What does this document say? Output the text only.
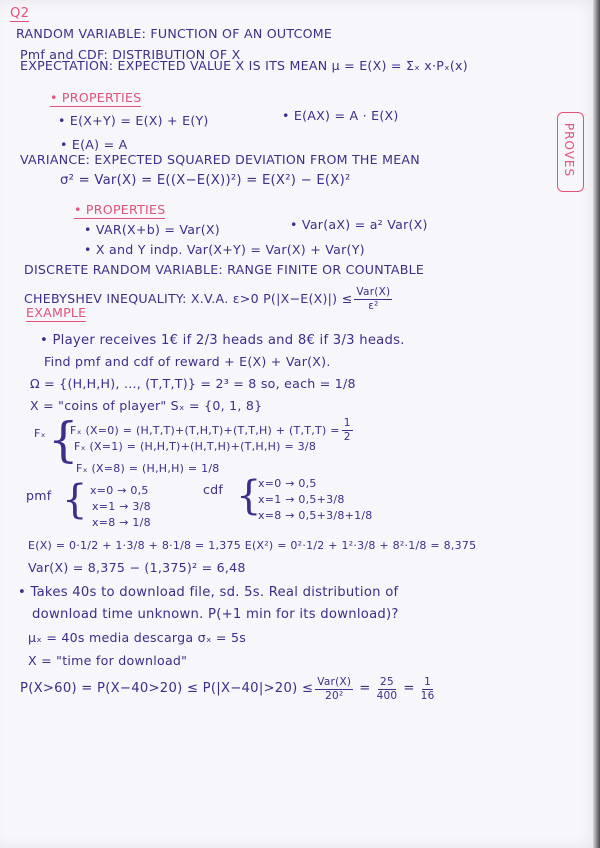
Q2
PROVES
RANDOM VARIABLE: FUNCTION OF AN OUTCOME
Pmf and CDF: DISTRIBUTION OF X
EXPECTATION: EXPECTED VALUE X IS ITS MEAN μ = E(X) = Σₓ x·Pₓ(x)
• PROPERTIES
• E(X+Y) = E(X) + E(Y)	• E(AX) = A · E(X)
• E(A) = A
VARIANCE: EXPECTED SQUARED DEVIATION FROM THE MEAN
σ² = Var(X) = E((X−E(X))²) = E(X²) − E(X)²
• PROPERTIES
• VAR(X+b) = Var(X)	• Var(aX) = a² Var(X)
• X and Y indp. Var(X+Y) = Var(X) + Var(Y)
DISCRETE RANDOM VARIABLE: RANGE FINITE OR COUNTABLE
CHEBYSHEV INEQUALITY: X.V.A. ε>0 $P(|X-E(X)|) \le \frac{\text{Var(X)}}{\text{ε²}}$
EXAMPLE
• Player receives 1€ if 2/3 heads and 8€ if 3/3 heads.
Find pmf and cdf of reward + E(X) + Var(X).
Ω = {(H,H,H), ..., (T,T,T)} = 2³ = 8 so, each = 1/8
X = "coins of player" Sₓ = {0, 1, 8}
{
Fₓ Fₓ $(X=0) = (H,T,T)+(T,H,T)+(T,T,H) + (T,T,T) = \frac{1}{2}$
Fₓ (X=1) = (H,H,T)+(H,T,H)+(T,H,H) = 3/8
Fₓ (X=8) = (H,H,H) = 1/8
pmf { x=0 → 0,5
x=1 → 3/8
x=8 → 1/8
cdf {
x=0 → 0,5
x=1 → 0,5+3/8
x=8 → 0,5+3/8+1/8
E(X) = 0·1/2 + 1·3/8 + 8·1/8 = 1,375 E(X²) = 0²·1/2 + 1²·3/8 + 8²·1/8 = 8,375
Var(X) = 8,375 − (1,375)² = 6,48
• Takes 40s to download file, sd. 5s. Real distribution of
download time unknown. P(+1 min for its download)?
μₓ = 40s media descarga σₓ = 5s
X = "time for download"
$P(X>60) = P(X-40>20) \le P(|X-40|>20) \le \frac{\text{Var(X)}}{\text{20²}} = \frac{25}{400} = \frac{1}{16}$
